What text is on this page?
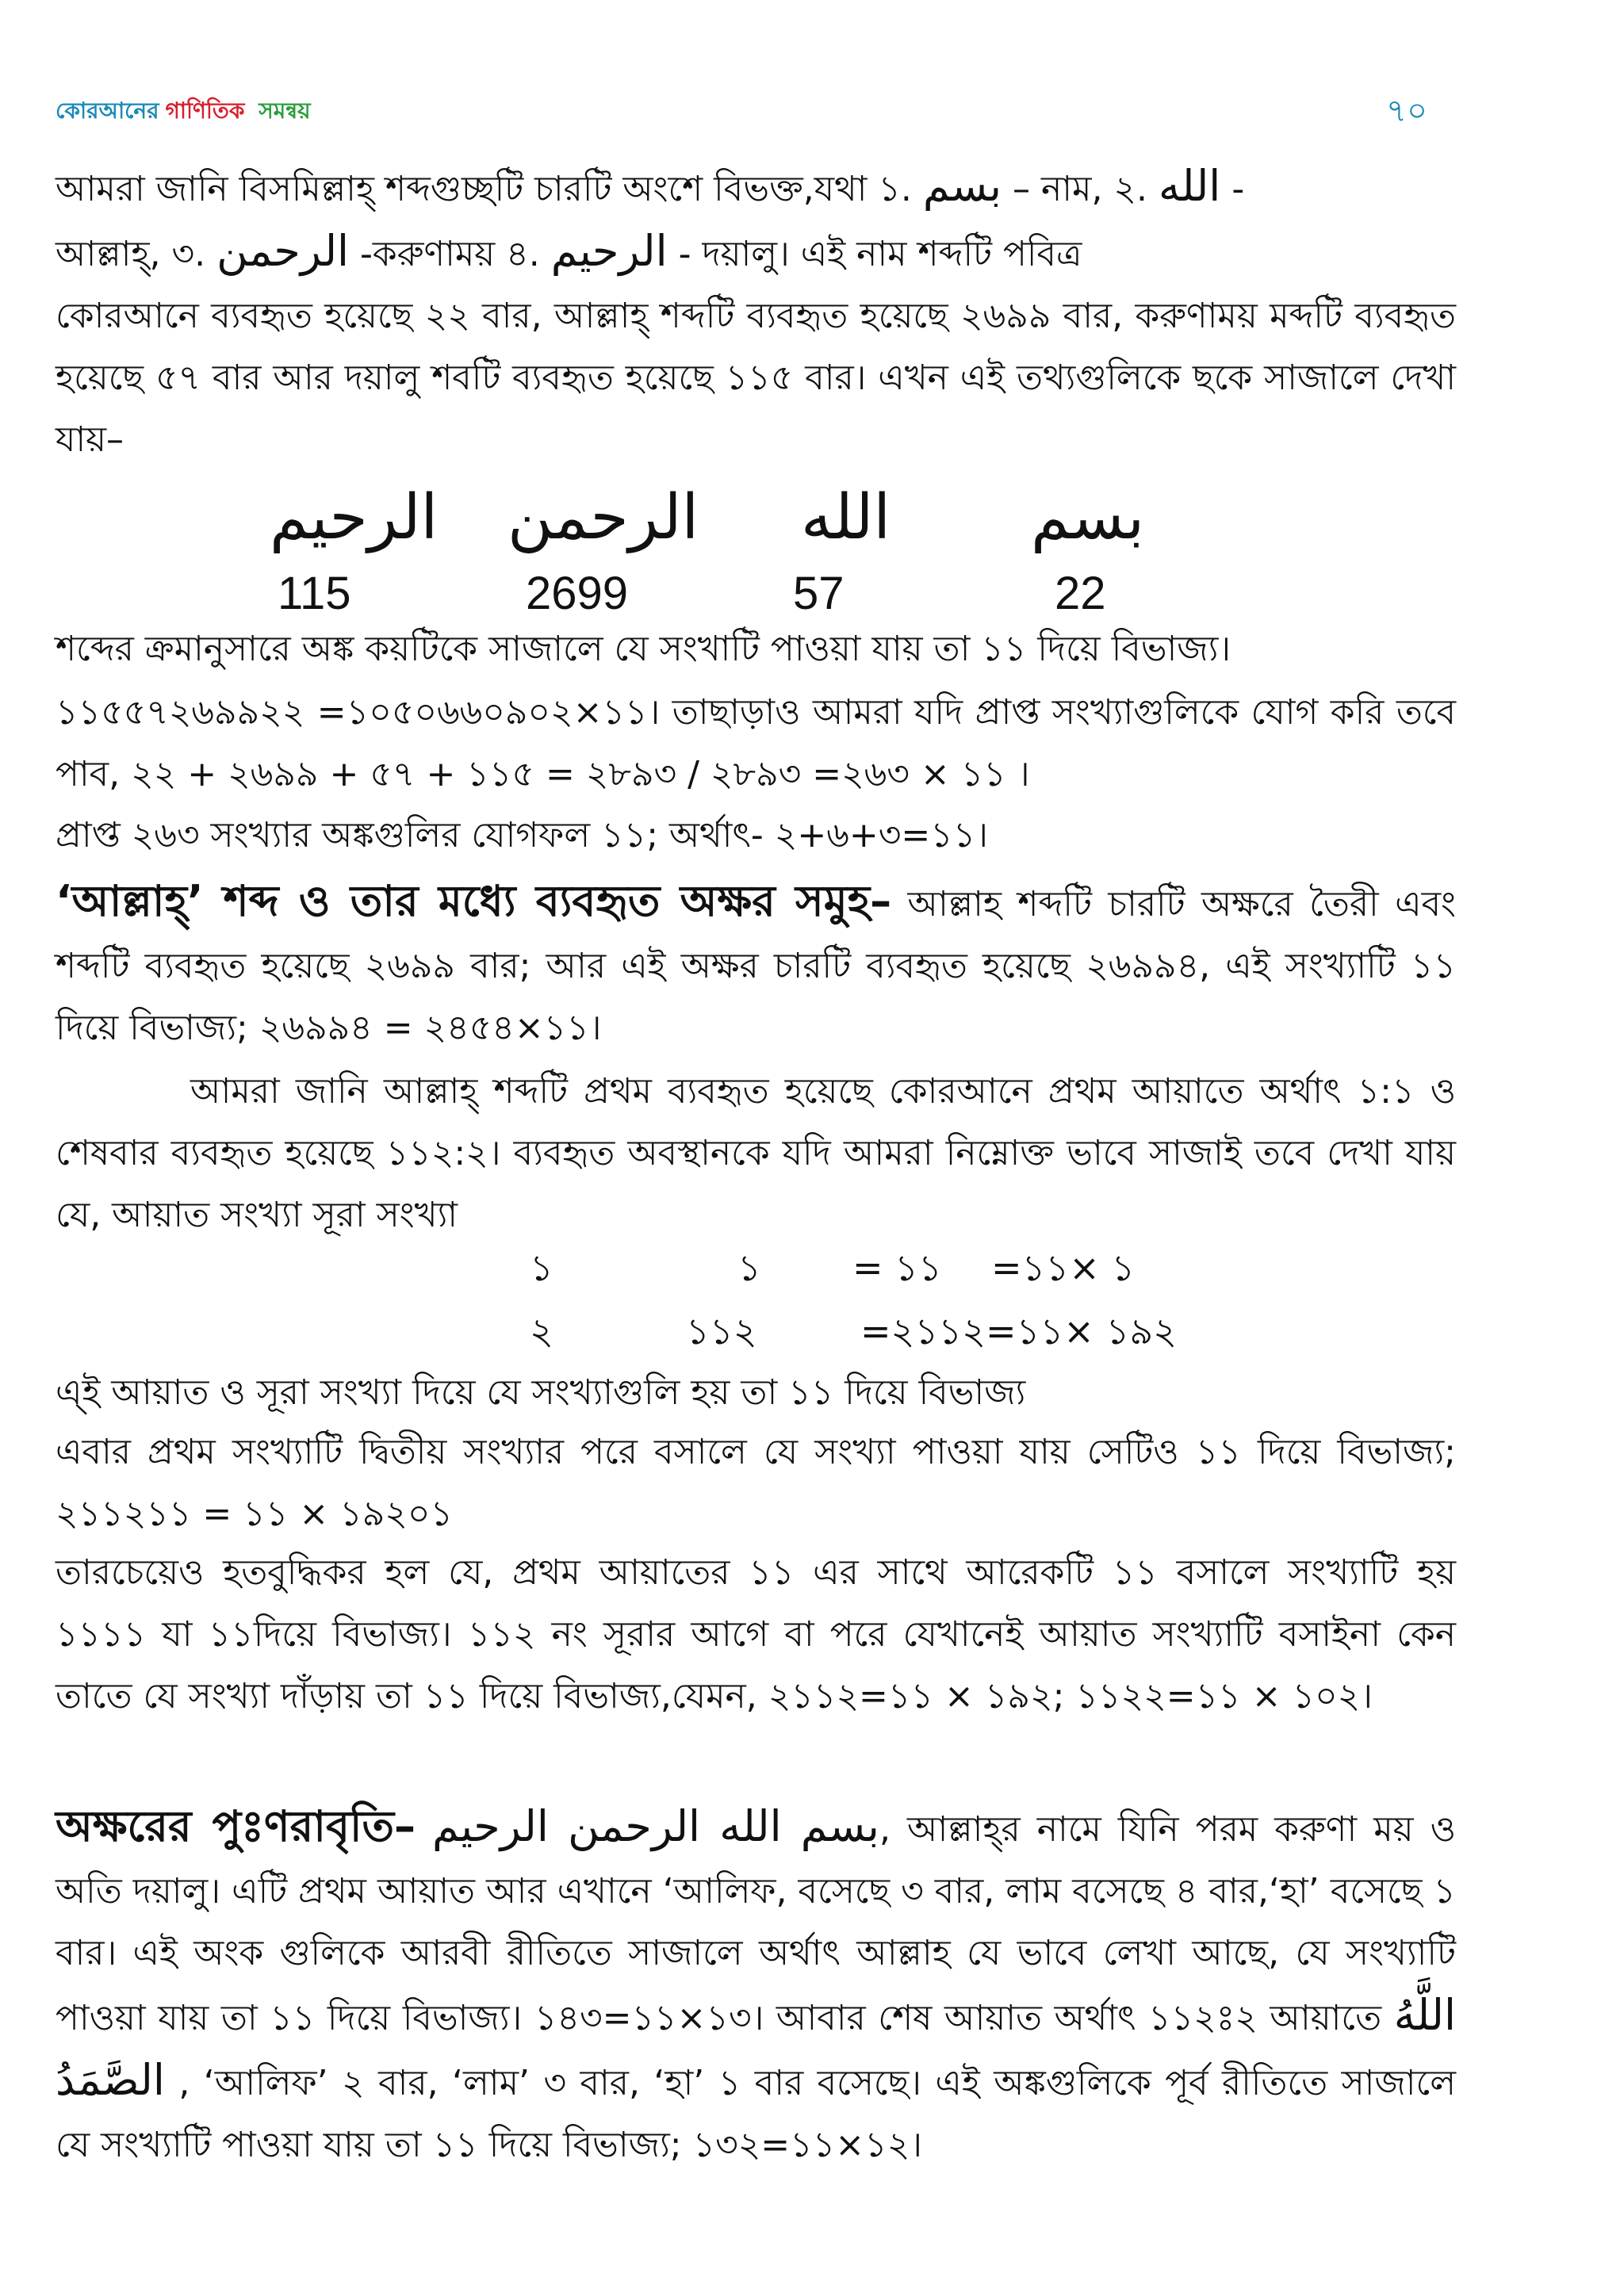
কোরআনের গাণিতিক সমন্বয়	৭০
আমরা জানি বিসমিল্লাহ্ শব্দগুচ্ছটি চারটি অংশে বিভক্ত,যথা ১. بسم – নাম, ২. الله -
আল্লাহ্, ৩. الرحمن -করুণাময় ৪. الرحيم - দয়ালু। এই নাম শব্দটি পবিত্র
কোরআনে ব্যবহৃত হয়েছে ২২ বার, আল্লাহ্ শব্দটি ব্যবহৃত হয়েছে ২৬৯৯ বার, করুণাময় মব্দটি ব্যবহৃত হয়েছে ৫৭ বার আর দয়ালু শবটি ব্যবহৃত হয়েছে ১১৫ বার। এখন এই তথ্যগুলিকে ছকে সাজালে দেখা যায়–
الرحيم الرحمن الله بسم
115	2699	57	22
শব্দের ক্রমানুসারে অঙ্ক কয়টিকে সাজালে যে সংখাটি পাওয়া যায় তা ১১ দিয়ে বিভাজ্য।
১১৫৫৭২৬৯৯২২ =১০৫০৬৬০৯০২×১১। তাছাড়াও আমরা যদি প্রাপ্ত সংখ্যাগুলিকে যোগ করি তবে পাব, ২২ + ২৬৯৯ + ৫৭ + ১১৫ = ২৮৯৩ / ২৮৯৩ =২৬৩ × ১১ ।
প্রাপ্ত ২৬৩ সংখ্যার অঙ্কগুলির যোগফল ১১; অর্থাৎ- ২+৬+৩=১১।
‘আল্লাহ্’ শব্দ ও তার মধ্যে ব্যবহৃত অক্ষর সমুহ– আল্লাহ শব্দটি চারটি অক্ষরে তৈরী এবং শব্দটি ব্যবহৃত হয়েছে ২৬৯৯ বার; আর এই অক্ষর চারটি ব্যবহৃত হয়েছে ২৬৯৯৪, এই সংখ্যাটি ১১ দিয়ে বিভাজ্য; ২৬৯৯৪ = ২৪৫৪×১১।
আমরা জানি আল্লাহ্ শব্দটি প্রথম ব্যবহৃত হয়েছে কোরআনে প্রথম আয়াতে অর্থাৎ ১:১ ও শেষবার ব্যবহৃত হয়েছে ১১২:২। ব্যবহৃত অবস্থানকে যদি আমরা নিম্নোক্ত ভাবে সাজাই তবে দেখা যায় যে, আয়াত সংখ্যা সূরা সংখ্যা
১	১	= ১১ =১১× ১
২	১১২	=২১১২=১১× ১৯২
এ্ই আয়াত ও সূরা সংখ্যা দিয়ে যে সংখ্যাগুলি হয় তা ১১ দিয়ে বিভাজ্য
এবার প্রথম সংখ্যাটি দ্বিতীয় সংখ্যার পরে বসালে যে সংখ্যা পাওয়া যায় সেটিও ১১ দিয়ে বিভাজ্য; ২১১২১১ = ১১ × ১৯২০১
তারচেয়েও হতবুদ্ধিকর হল যে, প্রথম আয়াতের ১১ এর সাথে আরেকটি ১১ বসালে সংখ্যাটি হয় ১১১১ যা ১১দিয়ে বিভাজ্য। ১১২ নং সূরার আগে বা পরে যেখানেই আয়াত সংখ্যাটি বসাইনা কেন তাতে যে সংখ্যা দাঁড়ায় তা ১১ দিয়ে বিভাজ্য,যেমন, ২১১২=১১ × ১৯২; ১১২২=১১ × ১০২।
অক্ষরের পুঃণরাবৃতি– بسم الله الرحمن الرحيم, আল্লাহ্‌র নামে যিনি পরম করুণা ময় ও অতি দয়ালু। এটি প্রথম আয়াত আর এখানে ‘আলিফ, বসেছে ৩ বার, লাম বসেছে ৪ বার,‘হা’ বসেছে ১ বার। এই অংক গুলিকে আরবী রীতিতে সাজালে অর্থাৎ আল্লাহ যে ভাবে লেখা আছে, যে সংখ্যাটি পাওয়া যায় তা ১১ দিয়ে বিভাজ্য। ১৪৩=১১×১৩। আবার শেষ আয়াত অর্থাৎ ১১২ঃ২ আয়াতে اللَّهُ الصَّمَدُ , ‘আলিফ’ ২ বার, ‘লাম’ ৩ বার, ‘হা’ ১ বার বসেছে। এই অঙ্কগুলিকে পূর্ব রীতিতে সাজালে যে সংখ্যাটি পাওয়া যায় তা ১১ দিয়ে বিভাজ্য; ১৩২=১১×১২।
